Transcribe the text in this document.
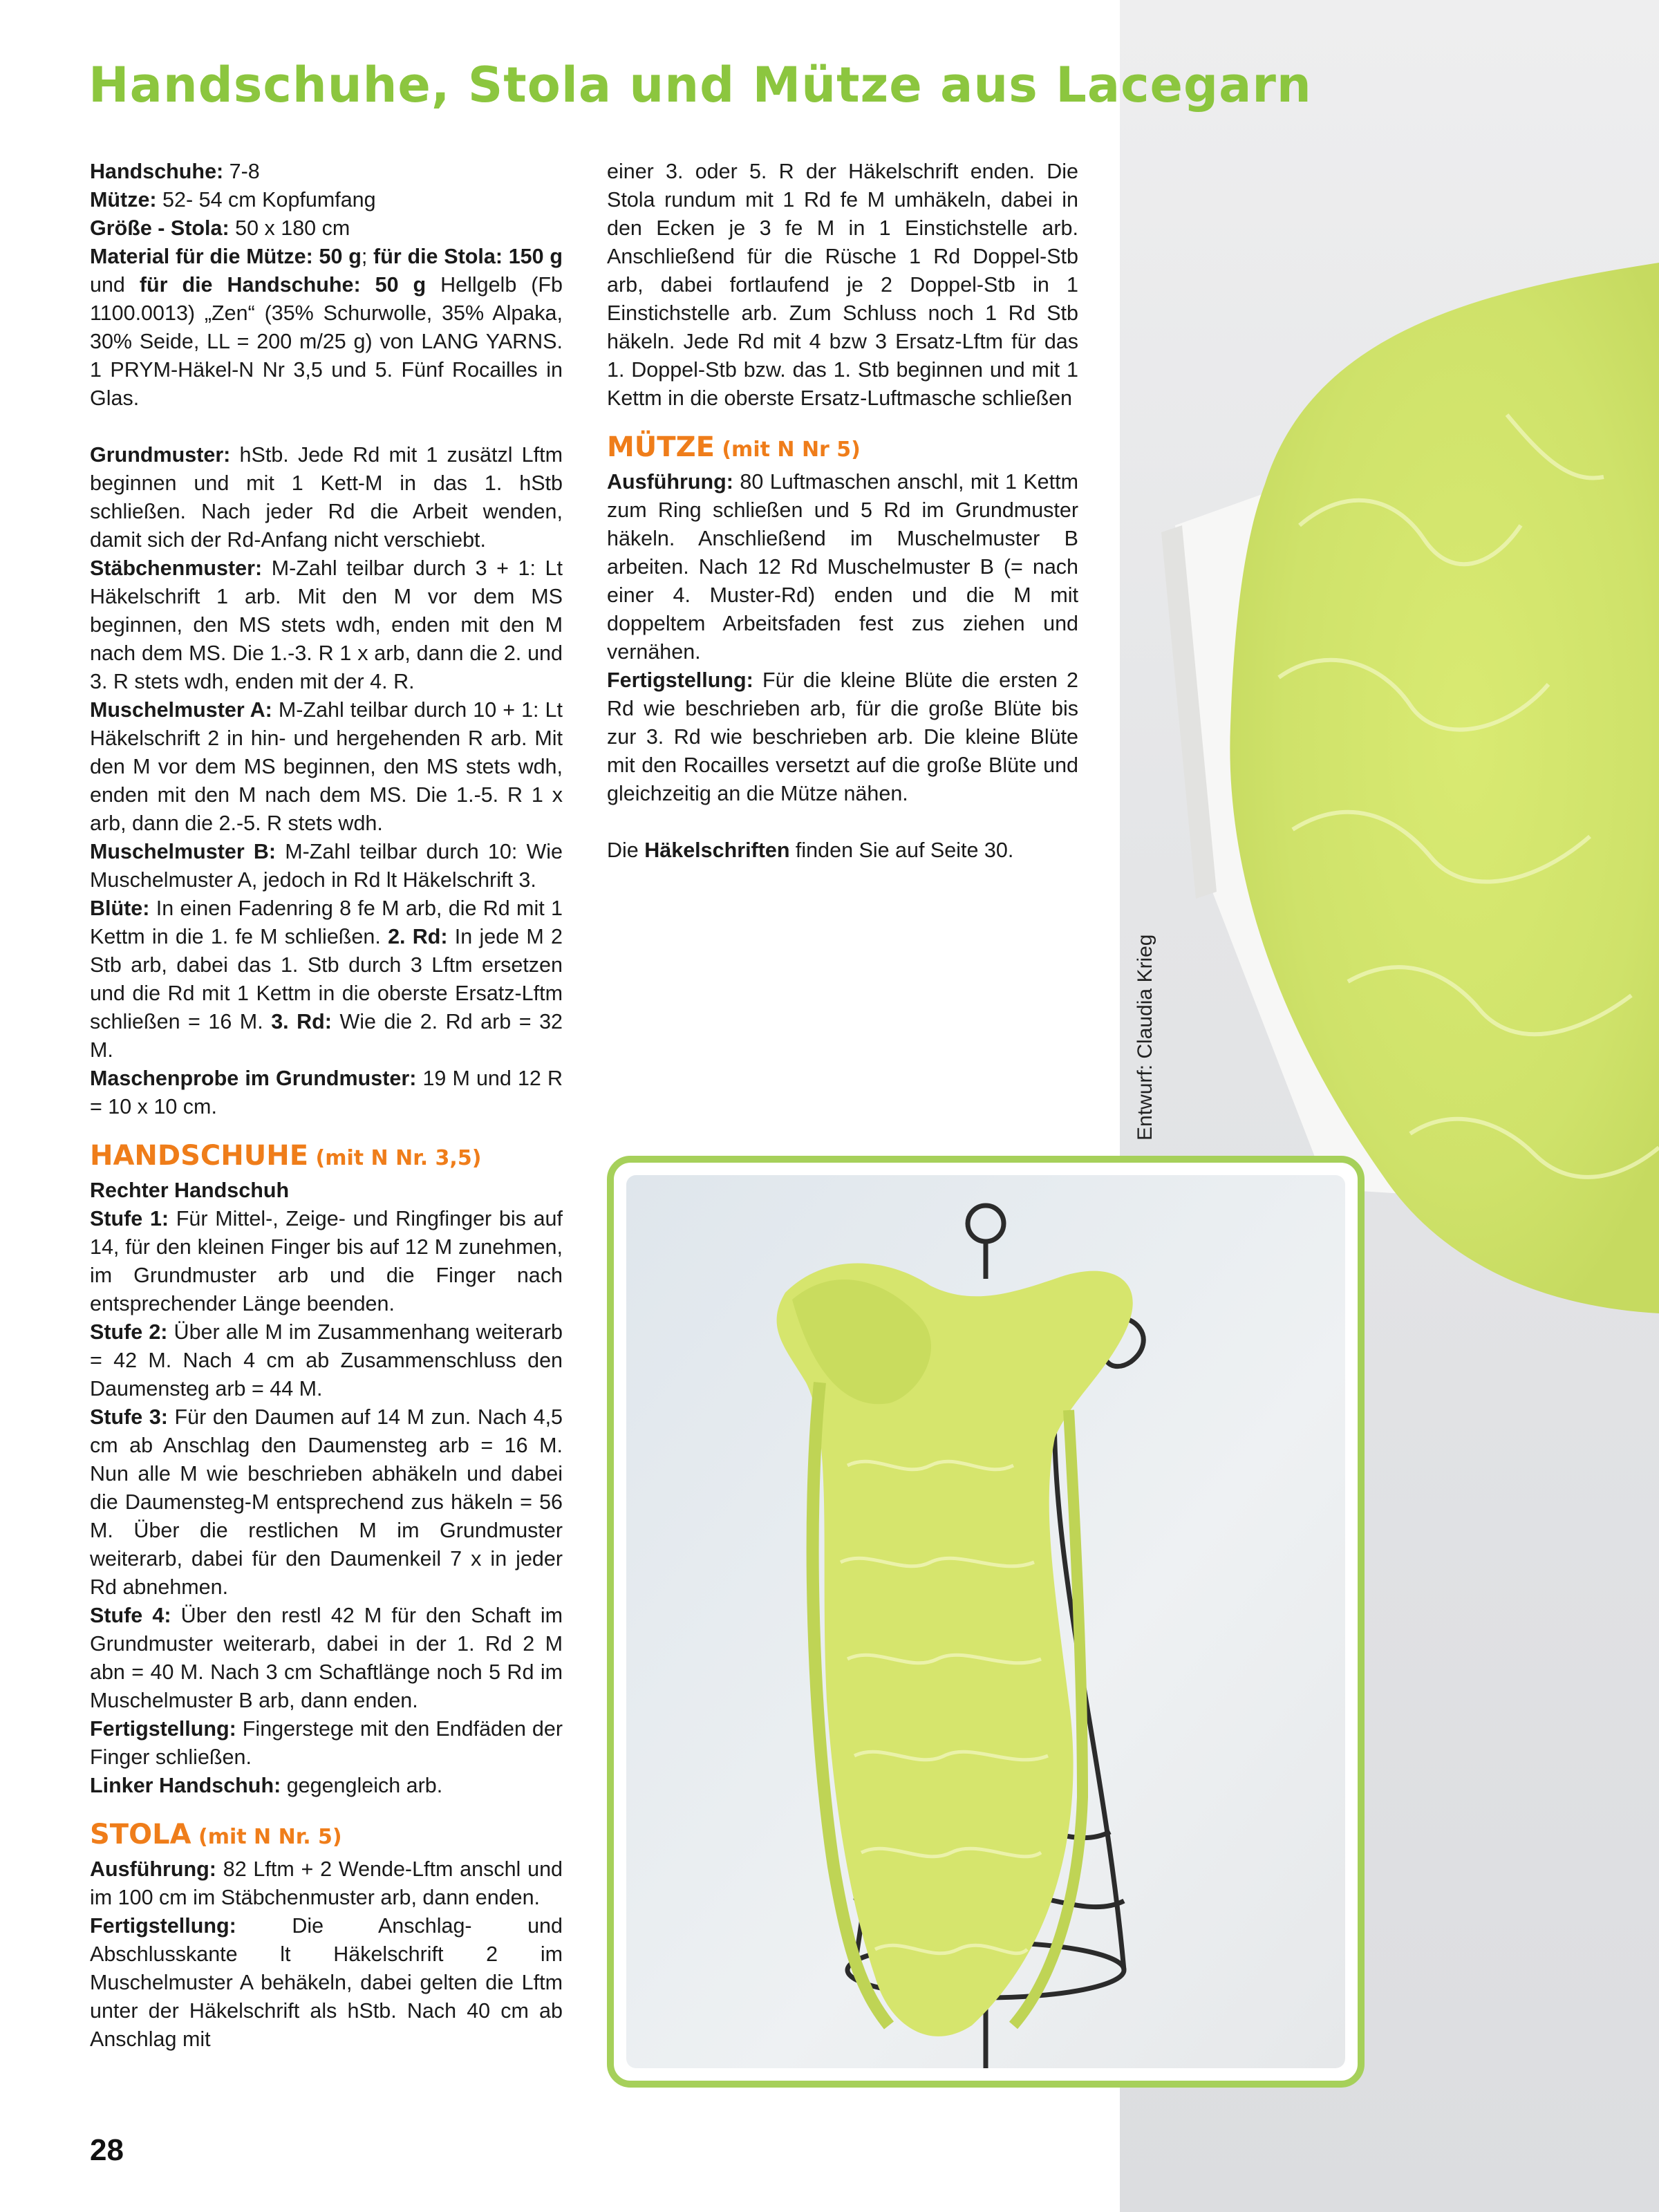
Handschuhe, Stola und Mütze aus Lacegarn

Handschuhe: 7-8
Mütze: 52- 54 cm Kopfumfang
Größe - Stola: 50 x 180 cm
Material für die Mütze: 50 g; für die Stola: 150 g und für die Handschuhe: 50 g Hellgelb (Fb 1100.0013) „Zen“ (35% Schurwolle, 35% Alpaka, 30% Seide, LL = 200 m/25 g) von LANG YARNS. 1 PRYM-Häkel-N Nr 3,5 und 5. Fünf Rocailles in Glas.

Grundmuster: hStb. Jede Rd mit 1 zusätzl Lftm beginnen und mit 1 Kett-M in das 1. hStb schließen. Nach jeder Rd die Arbeit wenden, damit sich der Rd-Anfang nicht verschiebt.
Stäbchenmuster: M-Zahl teilbar durch 3 + 1: Lt Häkelschrift 1 arb. Mit den M vor dem MS beginnen, den MS stets wdh, enden mit den M nach dem MS. Die 1.-3. R 1 x arb, dann die 2. und 3. R stets wdh, enden mit der 4. R.
Muschelmuster A: M-Zahl teilbar durch 10 + 1: Lt Häkelschrift 2 in hin- und hergehenden R arb. Mit den M vor dem MS beginnen, den MS stets wdh, enden mit den M nach dem MS. Die 1.-5. R 1 x arb, dann die 2.-5. R stets wdh.
Muschelmuster B: M-Zahl teilbar durch 10: Wie Muschelmuster A, jedoch in Rd lt Häkelschrift 3.
Blüte: In einen Fadenring 8 fe M arb, die Rd mit 1 Kettm in die 1. fe M schließen. 2. Rd: In jede M 2 Stb arb, dabei das 1. Stb durch 3 Lftm ersetzen und die Rd mit 1 Kettm in die oberste Ersatz-Lftm schließen = 16 M. 3. Rd: Wie die 2. Rd arb = 32 M.
Maschenprobe im Grundmuster: 19 M und 12 R = 10 x 10 cm.

HANDSCHUHE (mit N Nr. 3,5)

Rechter Handschuh
Stufe 1: Für Mittel-, Zeige- und Ringfinger bis auf 14, für den kleinen Finger bis auf 12 M zunehmen, im Grundmuster arb und die Finger nach entsprechender Länge beenden.
Stufe 2: Über alle M im Zusammenhang weiterarb = 42 M. Nach 4 cm ab Zusammenschluss den Daumensteg arb = 44 M.
Stufe 3: Für den Daumen auf 14 M zun. Nach 4,5 cm ab Anschlag den Daumensteg arb = 16 M. Nun alle M wie beschrieben abhäkeln und dabei die Daumensteg-M entsprechend zus häkeln = 56 M. Über die restlichen M im Grundmuster weiterarb, dabei für den Daumenkeil 7 x in jeder Rd abnehmen.
Stufe 4: Über den restl 42 M für den Schaft im Grundmuster weiterarb, dabei in der 1. Rd 2 M abn = 40 M. Nach 3 cm Schaftlänge noch 5 Rd im Muschelmuster B arb, dann enden.
Fertigstellung: Fingerstege mit den Endfäden der Finger schließen.
Linker Handschuh: gegengleich arb.

STOLA (mit N Nr. 5)

Ausführung: 82 Lftm + 2 Wende-Lftm anschl und im 100 cm im Stäbchenmuster arb, dann enden.
Fertigstellung: Die Anschlag- und Abschlusskante lt Häkelschrift 2 im Muschelmuster A behäkeln, dabei gelten die Lftm unter der Häkelschrift als hStb. Nach 40 cm ab Anschlag mit

einer 3. oder 5. R der Häkelschrift enden. Die Stola rundum mit 1 Rd fe M umhäkeln, dabei in den Ecken je 3 fe M in 1 Einstichstelle arb. Anschließend für die Rüsche 1 Rd Doppel-Stb arb, dabei fortlaufend je 2 Doppel-Stb in 1 Einstichstelle arb. Zum Schluss noch 1 Rd Stb häkeln. Jede Rd mit 4 bzw 3 Ersatz-Lftm für das 1. Doppel-Stb bzw. das 1. Stb beginnen und mit 1 Kettm in die oberste Ersatz-Luftmasche schließen

MÜTZE (mit N Nr 5)

Ausführung: 80 Luftmaschen anschl, mit 1 Kettm zum Ring schließen und 5 Rd im Grundmuster häkeln. Anschließend im Muschelmuster B arbeiten. Nach 12 Rd Muschelmuster B (= nach einer 4. Muster-Rd) enden und die M mit doppeltem Arbeitsfaden fest zus ziehen und vernähen.
Fertigstellung: Für die kleine Blüte die ersten 2 Rd wie beschrieben arb, für die große Blüte bis zur 3. Rd wie beschrieben arb. Die kleine Blüte mit den Rocailles versetzt auf die große Blüte und gleichzeitig an die Mütze nähen.

Die Häkelschriften finden Sie auf Seite 30.

Entwurf: Claudia Krieg
28
